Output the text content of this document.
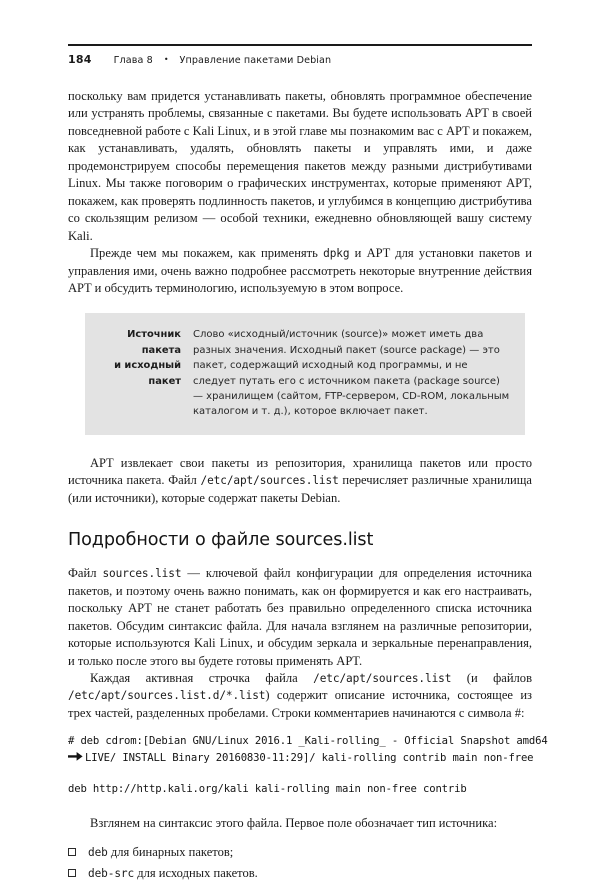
184 Глава 8 • Управление пакетами Debian

поскольку вам придется устанавливать пакеты, обновлять программное обеспечение или устранять проблемы, связанные с пакетами. Вы будете использовать APT в своей повседневной работе с Kali Linux, и в этой главе мы познакомим вас с APT и покажем, как устанавливать, удалять, обновлять пакеты и управлять ими, и даже продемонстрируем способы перемещения пакетов между разными дистрибутивами Linux. Мы также поговорим о графических инструментах, которые применяют APT, покажем, как проверять подлинность пакетов, и углубимся в концепцию дистрибутива со скользящим релизом — особой техники, ежедневно обновляющей вашу систему Kali.

Прежде чем мы покажем, как применять dpkg и APT для установки пакетов и управления ими, очень важно подробнее рассмотреть некоторые внутренние действия APT и обсудить терминологию, используемую в этом вопросе.

Источник
пакета
и исходный
пакет
Слово «исходный/источник (source)» может иметь два разных значения. Исходный пакет (source package) — это пакет, содержащий исходный код программы, и не следует путать его с источником пакета (package source) — хранилищем (сайтом, FTP-сервером, CD-ROM, локальным каталогом и т. д.), которое включает пакет.

APT извлекает свои пакеты из репозитория, хранилища пакетов или просто источника пакета. Файл /etc/apt/sources.list перечисляет различные хранилища (или источники), которые содержат пакеты Debian.

Подробности о файле sources.list

Файл sources.list — ключевой файл конфигурации для определения источника пакетов, и поэтому очень важно понимать, как он формируется и как его настраивать, поскольку APT не станет работать без правильно определенного списка источника пакетов. Обсудим синтаксис файла. Для начала взглянем на различные репозитории, которые используются Kali Linux, и обсудим зеркала и зеркальные перенаправления, и только после этого вы будете готовы применять APT.

Каждая активная строчка файла /etc/apt/sources.list (и файлов /etc/apt/sources.list.d/*.list) содержит описание источника, состоящее из трех частей, разделенных пробелами. Строки комментариев начинаются с символа #:

# deb cdrom:[Debian GNU/Linux 2016.1 _Kali-rolling_ - Official Snapshot amd64

LIVE/ INSTALL Binary 20160830-11:29]/ kali-rolling contrib main non-free
deb http://http.kali.org/kali kali-rolling main non-free contrib

Взглянем на синтаксис этого файла. Первое поле обозначает тип источника:

deb для бинарных пакетов;
deb-src для исходных пакетов.
